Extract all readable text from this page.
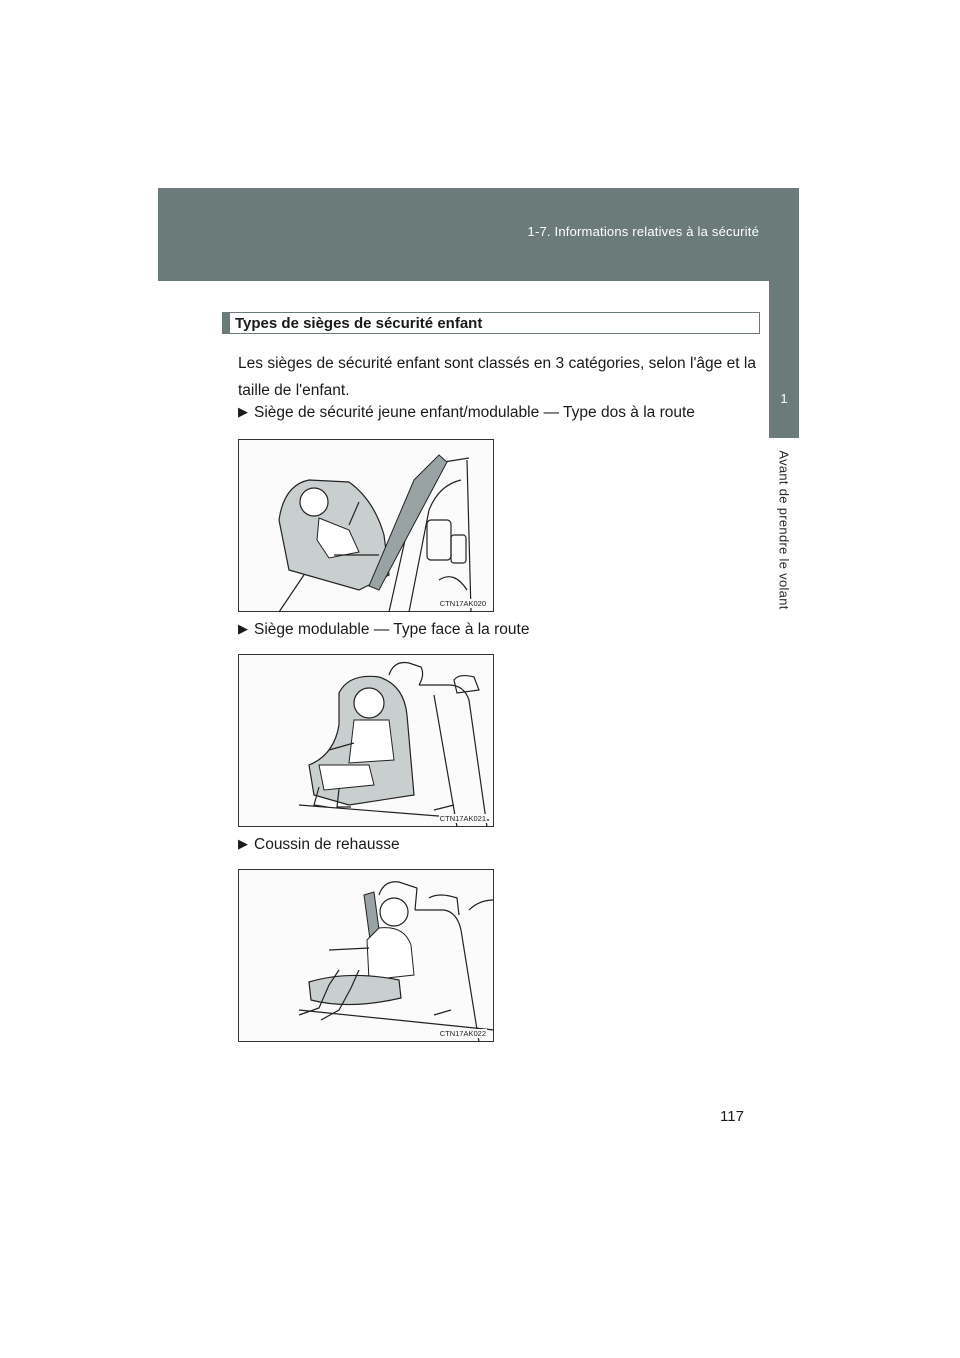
1-7. Informations relatives à la sécurité
1
Avant de prendre le volant
Types de sièges de sécurité enfant
Les sièges de sécurité enfant sont classés en 3 catégories, selon l'âge et la taille de l'enfant.
▶ Siège de sécurité jeune enfant/modulable — Type dos à la route
CTN17AK020
▶ Siège modulable — Type face à la route
CTN17AK021
▶ Coussin de rehausse
CTN17AK022
117
